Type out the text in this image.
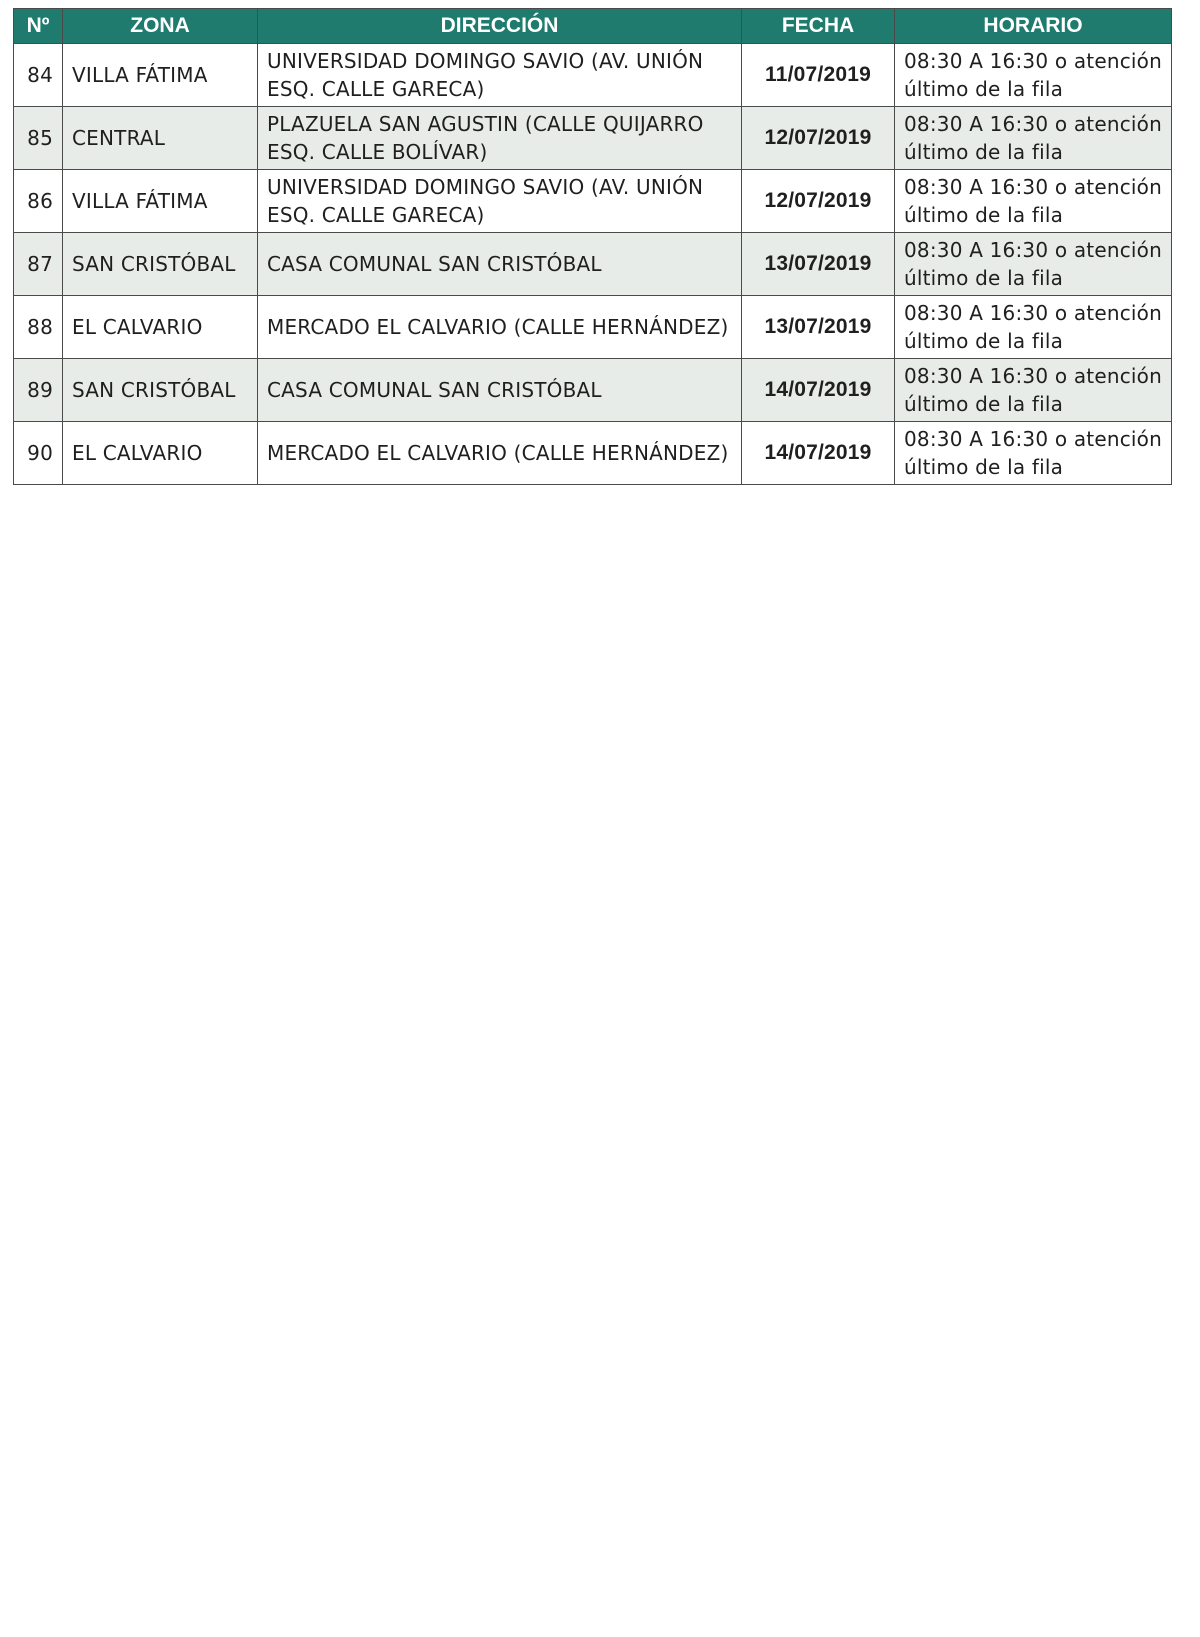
Nº	ZONA	DIRECCIÓN	FECHA	HORARIO
84	VILLA FÁTIMA	UNIVERSIDAD DOMINGO SAVIO (AV. UNIÓN ESQ. CALLE GARECA)	11/07/2019	08:30 A 16:30 o atención
último de la fila

85	CENTRAL	PLAZUELA SAN AGUSTIN (CALLE QUIJARRO ESQ. CALLE BOLÍVAR)	12/07/2019	08:30 A 16:30 o atención
último de la fila

86	VILLA FÁTIMA	UNIVERSIDAD DOMINGO SAVIO (AV. UNIÓN ESQ. CALLE GARECA)	12/07/2019	08:30 A 16:30 o atención
último de la fila

87	SAN CRISTÓBAL	CASA COMUNAL SAN CRISTÓBAL	13/07/2019	08:30 A 16:30 o atención
último de la fila

88	EL CALVARIO	MERCADO EL CALVARIO (CALLE HERNÁNDEZ)	13/07/2019	08:30 A 16:30 o atención
último de la fila

89	SAN CRISTÓBAL	CASA COMUNAL SAN CRISTÓBAL	14/07/2019	08:30 A 16:30 o atención
último de la fila

90	EL CALVARIO	MERCADO EL CALVARIO (CALLE HERNÁNDEZ)	14/07/2019	08:30 A 16:30 o atención
último de la fila
